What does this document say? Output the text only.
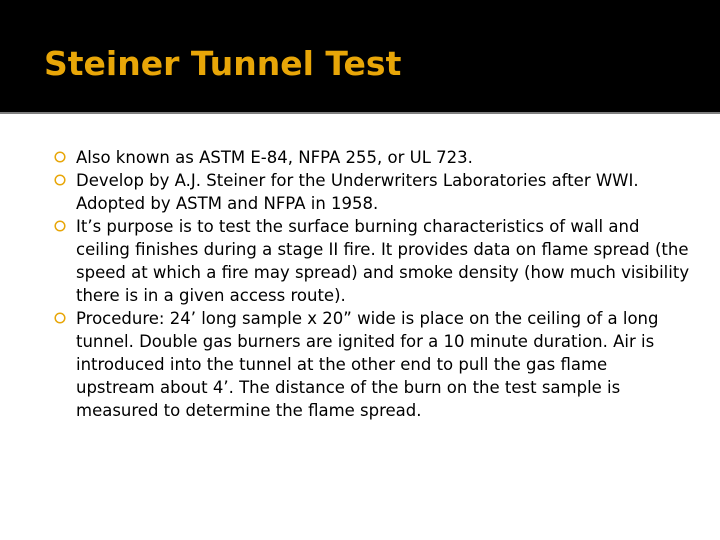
Steiner Tunnel Test
Also known as ASTM E-84, NFPA 255, or UL 723.
Develop by A.J. Steiner for the Underwriters Laboratories after WWI. Adopted by ASTM and NFPA in 1958.
It’s purpose is to test the surface burning characteristics of wall and ceiling finishes during a stage II fire. It provides data on flame spread (the speed at which a fire may spread) and smoke density (how much visibility there is in a given access route).
Procedure: 24’ long sample x 20” wide is place on the ceiling of a long tunnel. Double gas burners are ignited for a 10 minute duration. Air is introduced into the tunnel at the other end to pull the gas flame upstream about 4’. The distance of the burn on the test sample is measured to determine the flame spread.
